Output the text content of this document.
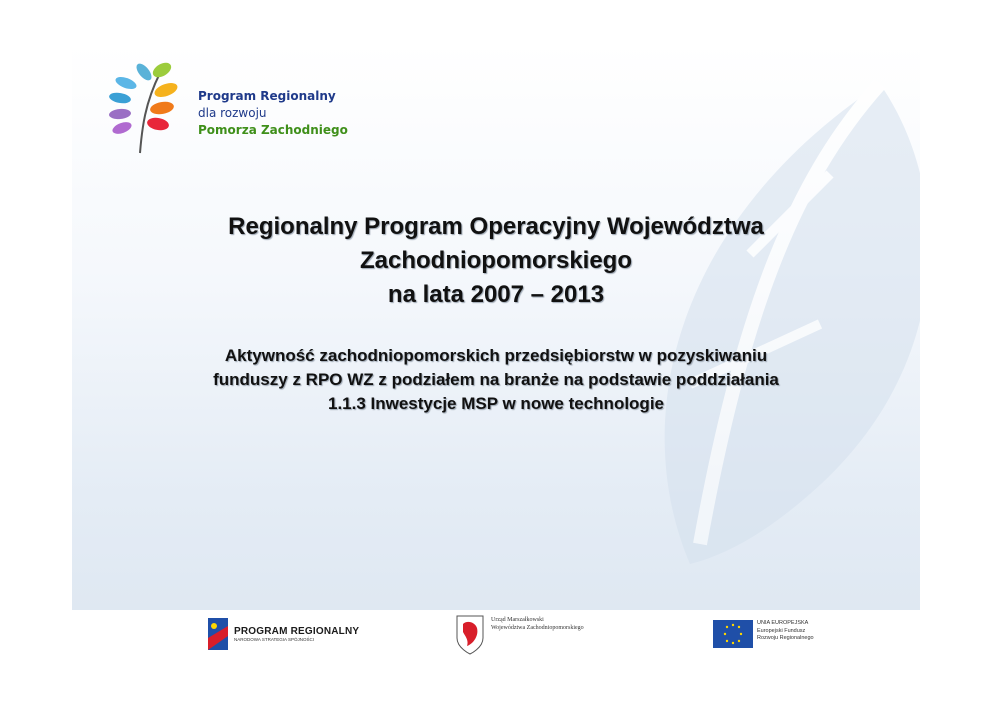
Program Regionalny
dla rozwoju
Pomorza Zachodniego
Regionalny Program Operacyjny Województwa
Zachodniopomorskiego
na lata 2007 – 2013
Aktywność zachodniopomorskich przedsiębiorstw w pozyskiwaniu
funduszy z RPO WZ z podziałem na branże na podstawie poddziałania
1.1.3 Inwestycje MSP w nowe technologie
PROGRAM REGIONALNY
NARODOWA STRATEGIA SPÓJNOŚCI
Urząd Marszałkowski
Województwa Zachodniopomorskiego
UNIA EUROPEJSKA
Europejski Fundusz
Rozwoju Regionalnego
